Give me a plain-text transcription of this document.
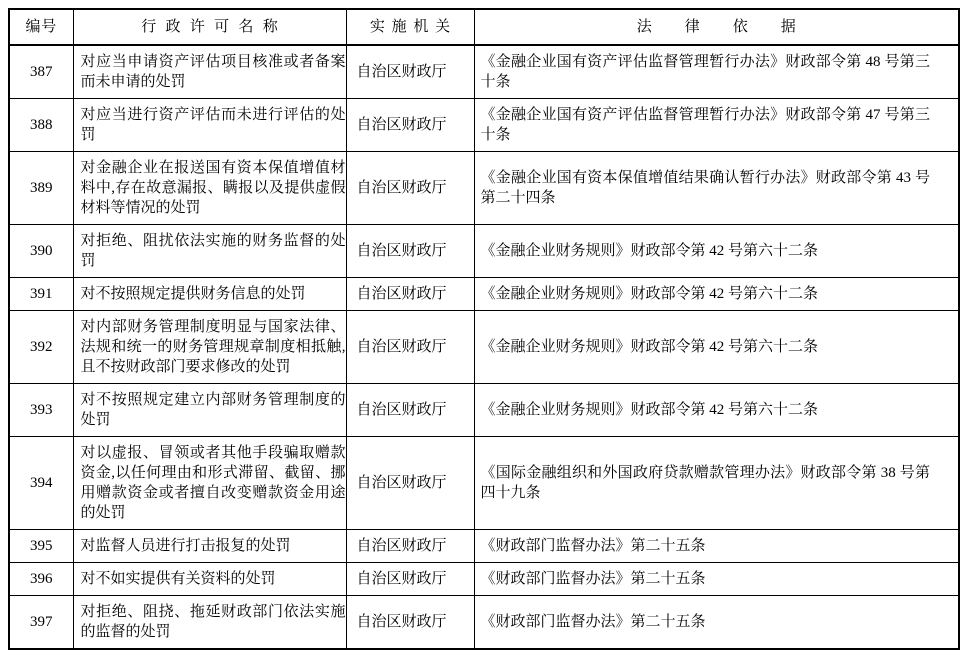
编号	行政许可名称	实施机关	法律依据
387	对应当申请资产评估项目核准或者备案而未申请的处罚	自治区财政厅	《金融企业国有资产评估监督管理暂行办法》财政部令第 48 号第三十条
388	对应当进行资产评估而未进行评估的处罚	自治区财政厅	《金融企业国有资产评估监督管理暂行办法》财政部令第 47 号第三十条
389	对金融企业在报送国有资本保值增值材料中,存在故意漏报、瞒报以及提供虚假材料等情况的处罚	自治区财政厅	《金融企业国有资本保值增值结果确认暂行办法》财政部令第 43 号第二十四条
390	对拒绝、阻扰依法实施的财务监督的处罚	自治区财政厅	《金融企业财务规则》财政部令第 42 号第六十二条
391	对不按照规定提供财务信息的处罚	自治区财政厅	《金融企业财务规则》财政部令第 42 号第六十二条
392	对内部财务管理制度明显与国家法律、法规和统一的财务管理规章制度相抵触,且不按财政部门要求修改的处罚	自治区财政厅	《金融企业财务规则》财政部令第 42 号第六十二条
393	对不按照规定建立内部财务管理制度的处罚	自治区财政厅	《金融企业财务规则》财政部令第 42 号第六十二条
394	对以虚报、冒领或者其他手段骗取赠款资金,以任何理由和形式滞留、截留、挪用赠款资金或者擅自改变赠款资金用途的处罚	自治区财政厅	《国际金融组织和外国政府贷款赠款管理办法》财政部令第 38 号第四十九条
395	对监督人员进行打击报复的处罚	自治区财政厅	《财政部门监督办法》第二十五条
396	对不如实提供有关资料的处罚	自治区财政厅	《财政部门监督办法》第二十五条
397	对拒绝、阻挠、拖延财政部门依法实施的监督的处罚	自治区财政厅	《财政部门监督办法》第二十五条
